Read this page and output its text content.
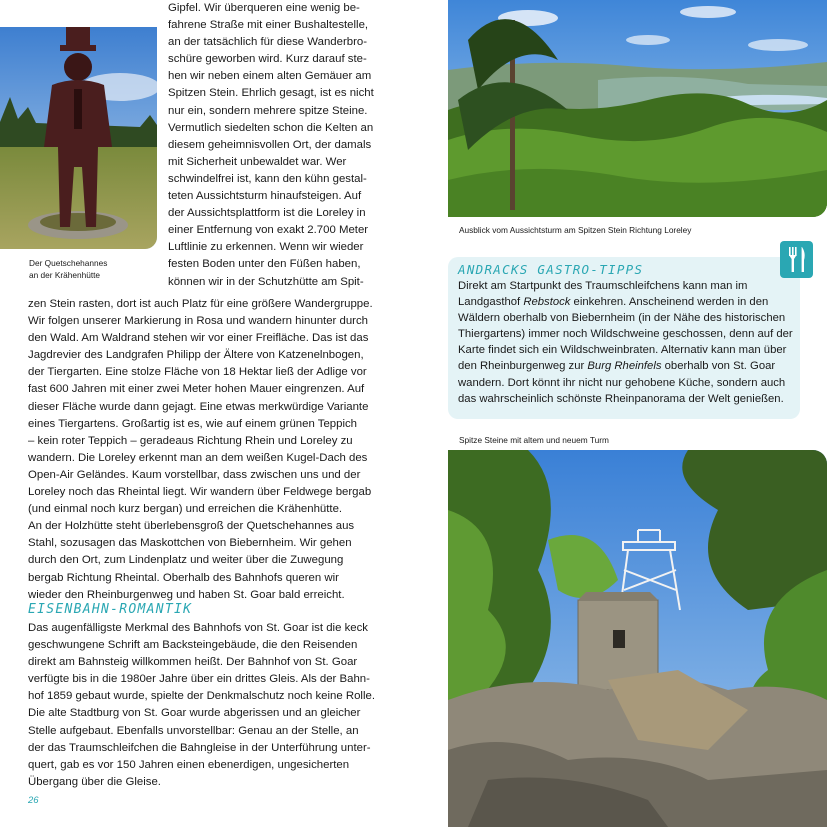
Der Quetschehannes
an der Krähenhütte
Gipfel. Wir überqueren eine wenig be-
fahrene Straße mit einer Bushaltestelle,
an der tatsächlich für diese Wanderbro-
schüre geworben wird. Kurz darauf ste-
hen wir neben einem alten Gemäuer am
Spitzen Stein. Ehrlich gesagt, ist es nicht
nur ein, sondern mehrere spitze Steine.
Vermutlich siedelten schon die Kelten an
diesem geheimnisvollen Ort, der damals
mit Sicherheit unbewaldet war. Wer
schwindelfrei ist, kann den kühn gestal-
teten Aussichtsturm hinaufsteigen. Auf
der Aussichtsplattform ist die Loreley in
einer Entfernung von exakt 2.700 Meter
Luftlinie zu erkennen. Wenn wir wieder
festen Boden unter den Füßen haben,
können wir in der Schutzhütte am Spit-
zen Stein rasten, dort ist auch Platz für eine größere Wandergruppe.
Wir folgen unserer Markierung in Rosa und wandern hinunter durch
den Wald. Am Waldrand stehen wir vor einer Freifläche. Das ist das
Jagdrevier des Landgrafen Philipp der Ältere von Katzenelnbogen,
der Tiergarten. Eine stolze Fläche von 18 Hektar ließ der Adlige vor
fast 600 Jahren mit einer zwei Meter hohen Mauer eingrenzen. Auf
dieser Fläche wurde dann gejagt. Eine etwas merkwürdige Variante
eines Tiergartens. Großartig ist es, wie auf einem grünen Teppich
– kein roter Teppich – geradeaus Richtung Rhein und Loreley zu
wandern. Die Loreley erkennt man an dem weißen Kugel-Dach des
Open-Air Geländes. Kaum vorstellbar, dass zwischen uns und der
Loreley noch das Rheintal liegt. Wir wandern über Feldwege bergab
(und einmal noch kurz bergan) und erreichen die Krähenhütte.
An der Holzhütte steht überlebensgroß der Quetschehannes aus
Stahl, sozusagen das Maskottchen von Biebernheim. Wir gehen
durch den Ort, zum Lindenplatz und weiter über die Zuwegung
bergab Richtung Rheintal. Oberhalb des Bahnhofs queren wir
wieder den Rheinburgenweg und haben St. Goar bald erreicht.
EISENBAHN-ROMANTIK
Das augenfälligste Merkmal des Bahnhofs von St. Goar ist die keck
geschwungene Schrift am Backsteingebäude, die den Reisenden
direkt am Bahnsteig willkommen heißt. Der Bahnhof von St. Goar
verfügte bis in die 1980er Jahre über ein drittes Gleis. Als der Bahn-
hof 1859 gebaut wurde, spielte der Denkmalschutz noch keine Rolle.
Die alte Stadtburg von St. Goar wurde abgerissen und an gleicher
Stelle aufgebaut. Ebenfalls unvorstellbar: Genau an der Stelle, an
der das Traumschleifchen die Bahngleise in der Unterführung unter-
quert, gab es vor 150 Jahren einen ebenerdigen, ungesicherten
Übergang über die Gleise.
26
Ausblick vom Aussichtsturm am Spitzen Stein Richtung Loreley
ANDRACKS GASTRO-TIPPS
Direkt am Startpunkt des Traumschleifchens kann man im
Landgasthof Rebstock einkehren. Anscheinend werden in den
Wäldern oberhalb von Biebernheim (in der Nähe des historischen
Thiergartens) immer noch Wildschweine geschossen, denn auf der
Karte findet sich ein Wildschweinbraten. Alternativ kann man über
den Rheinburgenweg zur Burg Rheinfels oberhalb von St. Goar
wandern. Dort könnt ihr nicht nur gehobene Küche, sondern auch
das wahrscheinlich schönste Rheinpanorama der Welt genießen.
Spitze Steine mit altem und neuem Turm
